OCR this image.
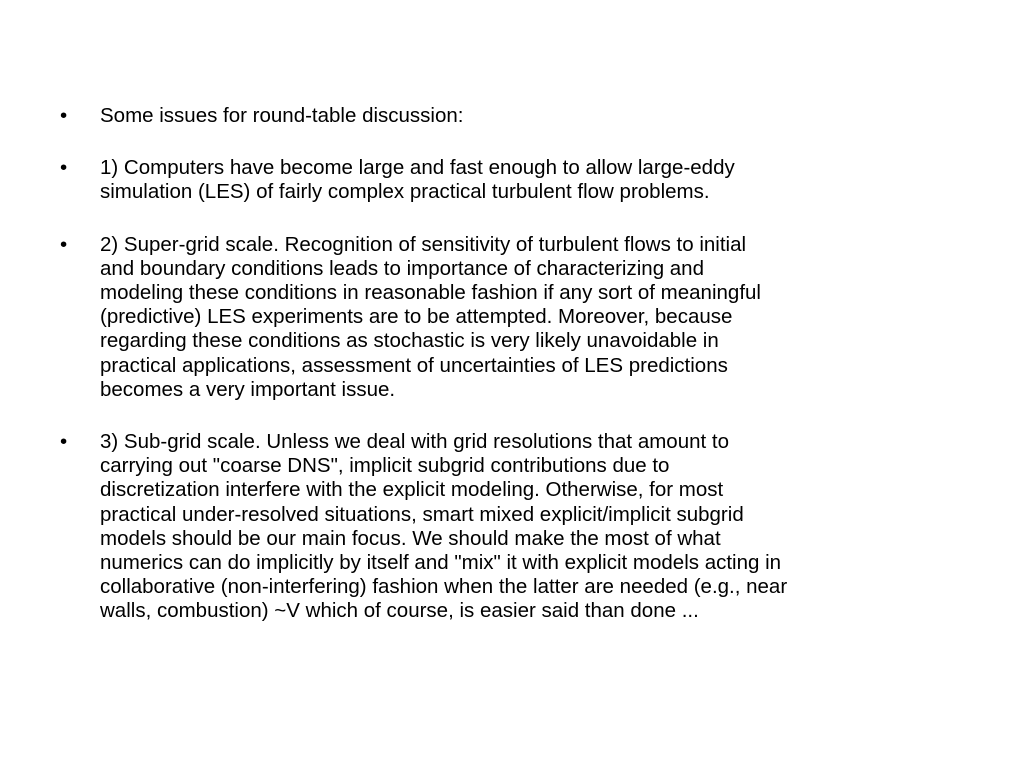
• Some issues for round-table discussion:
• 1) Computers have become large and fast enough to allow large-eddy
simulation (LES) of fairly complex practical turbulent flow problems.
• 2) Super-grid scale. Recognition of sensitivity of turbulent flows to initial
and boundary conditions leads to importance of characterizing and
modeling these conditions in reasonable fashion if any sort of meaningful
(predictive) LES experiments are to be attempted. Moreover, because
regarding these conditions as stochastic is very likely unavoidable in
practical applications, assessment of uncertainties of LES predictions
becomes a very important issue.
• 3) Sub-grid scale. Unless we deal with grid resolutions that amount to
carrying out "coarse DNS", implicit subgrid contributions due to
discretization interfere with the explicit modeling. Otherwise, for most
practical under-resolved situations, smart mixed explicit/implicit subgrid
models should be our main focus. We should make the most of what
numerics can do implicitly by itself and "mix" it with explicit models acting in
collaborative (non-interfering) fashion when the latter are needed (e.g., near
walls, combustion) ~V which of course, is easier said than done ...
